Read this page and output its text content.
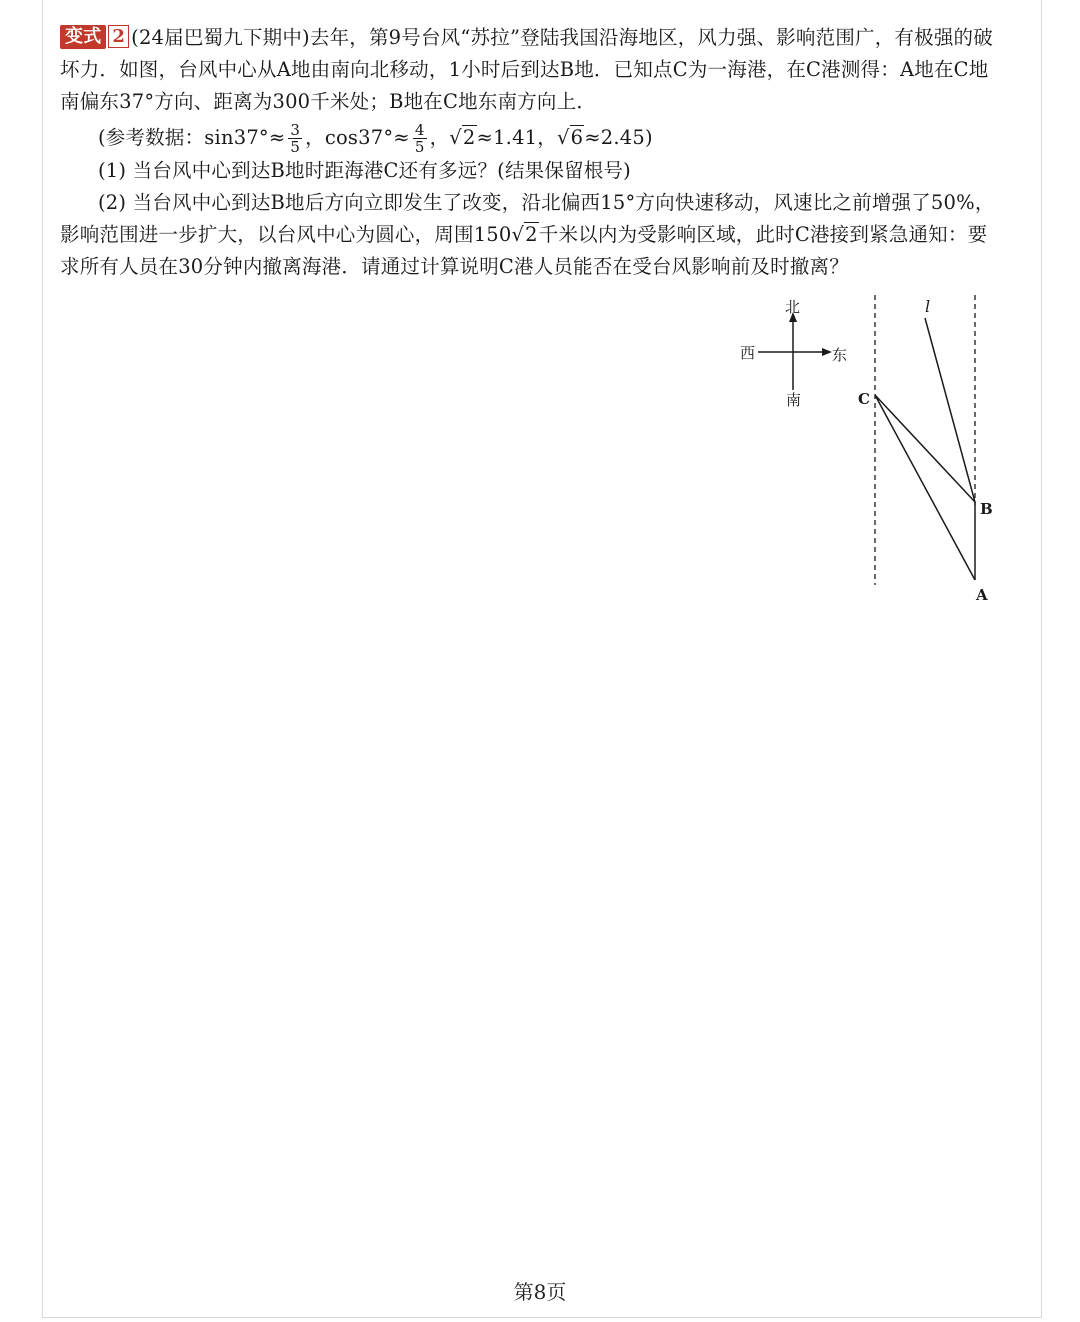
变式 2 (24届巴蜀九下期中)去年，第9号台风“苏拉”登陆我国沿海地区，风力强、影响范围广，有极强的破坏力．如图，台风中心从A地由南向北移动，1小时后到达B地．已知点C为一海港，在C港测得：A地在C地南偏东37°方向、距离为300千米处；B地在C地东南方向上．

(参考数据：$\sin 37^\circ\approx \frac{3}{5}$ ，$\cos 37^\circ\approx \frac{4}{5}$ ，√2≈1.41，√6≈2.45)

(1) 当台风中心到达B地时距海港C还有多远？(结果保留根号)

(2) 当台风中心到达B地后方向立即发生了改变，沿北偏西15°方向快速移动，风速比之前增强了50%，影响范围进一步扩大，以台风中心为圆心，周围150√2千米以内为受影响区域，此时C港接到紧急通知：要求所有人员在30分钟内撤离海港．请通过计算说明C港人员能否在受台风影响前及时撤离？

北
南
西	东
C
B
A
l
第8页
